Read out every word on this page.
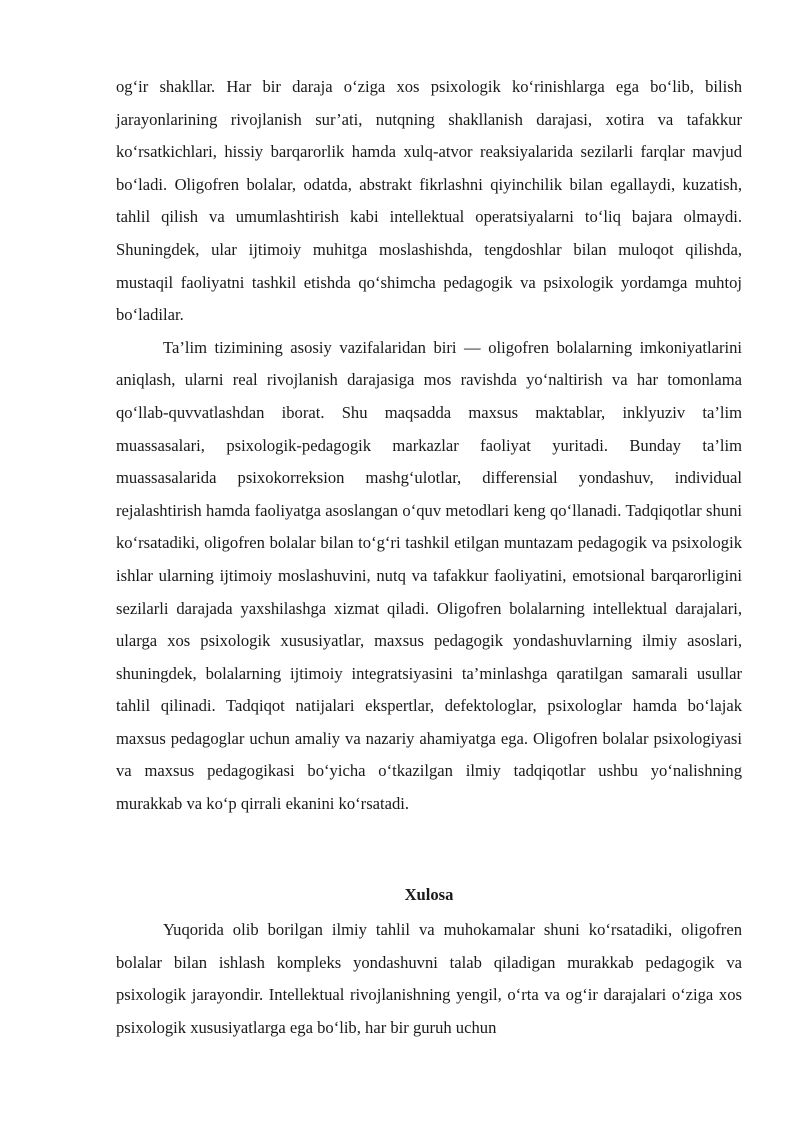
og‘ir shakllar. Har bir daraja o‘ziga xos psixologik ko‘rinishlarga ega bo‘lib, bilish jarayonlarining rivojlanish sur’ati, nutqning shakllanish darajasi, xotira va tafakkur ko‘rsatkichlari, hissiy barqarorlik hamda xulq-atvor reaksiyalarida sezilarli farqlar mavjud bo‘ladi. Oligofren bolalar, odatda, abstrakt fikrlashni qiyinchilik bilan egallaydi, kuzatish, tahlil qilish va umumlashtirish kabi intellektual operatsiyalarni to‘liq bajara olmaydi. Shuningdek, ular ijtimoiy muhitga moslashishda, tengdoshlar bilan muloqot qilishda, mustaqil faoliyatni tashkil etishda qo‘shimcha pedagogik va psixologik yordamga muhtoj bo‘ladilar.

Ta’lim tizimining asosiy vazifalaridan biri — oligofren bolalarning imkoniyatlarini aniqlash, ularni real rivojlanish darajasiga mos ravishda yo‘naltirish va har tomonlama qo‘llab-quvvatlashdan iborat. Shu maqsadda maxsus maktablar, inklyuziv ta’lim muassasalari, psixologik-pedagogik markazlar faoliyat yuritadi. Bunday ta’lim muassasalarida psixokorreksion mashg‘ulotlar, differensial yondashuv, individual rejalashtirish hamda faoliyatga asoslangan o‘quv metodlari keng qo‘llanadi. Tadqiqotlar shuni ko‘rsatadiki, oligofren bolalar bilan to‘g‘ri tashkil etilgan muntazam pedagogik va psixologik ishlar ularning ijtimoiy moslashuvini, nutq va tafakkur faoliyatini, emotsional barqarorligini sezilarli darajada yaxshilashga xizmat qiladi. Oligofren bolalarning intellektual darajalari, ularga xos psixologik xususiyatlar, maxsus pedagogik yondashuvlarning ilmiy asoslari, shuningdek, bolalarning ijtimoiy integratsiyasini ta’minlashga qaratilgan samarali usullar tahlil qilinadi. Tadqiqot natijalari ekspertlar, defektologlar, psixologlar hamda bo‘lajak maxsus pedagoglar uchun amaliy va nazariy ahamiyatga ega. Oligofren bolalar psixologiyasi va maxsus pedagogikasi bo‘yicha o‘tkazilgan ilmiy tadqiqotlar ushbu yo‘nalishning murakkab va ko‘p qirrali ekanini ko‘rsatadi.

Xulosa

Yuqorida olib borilgan ilmiy tahlil va muhokamalar shuni ko‘rsatadiki, oligofren bolalar bilan ishlash kompleks yondashuvni talab qiladigan murakkab pedagogik va psixologik jarayondir. Intellektual rivojlanishning yengil, o‘rta va og‘ir darajalari o‘ziga xos psixologik xususiyatlarga ega bo‘lib, har bir guruh uchun
